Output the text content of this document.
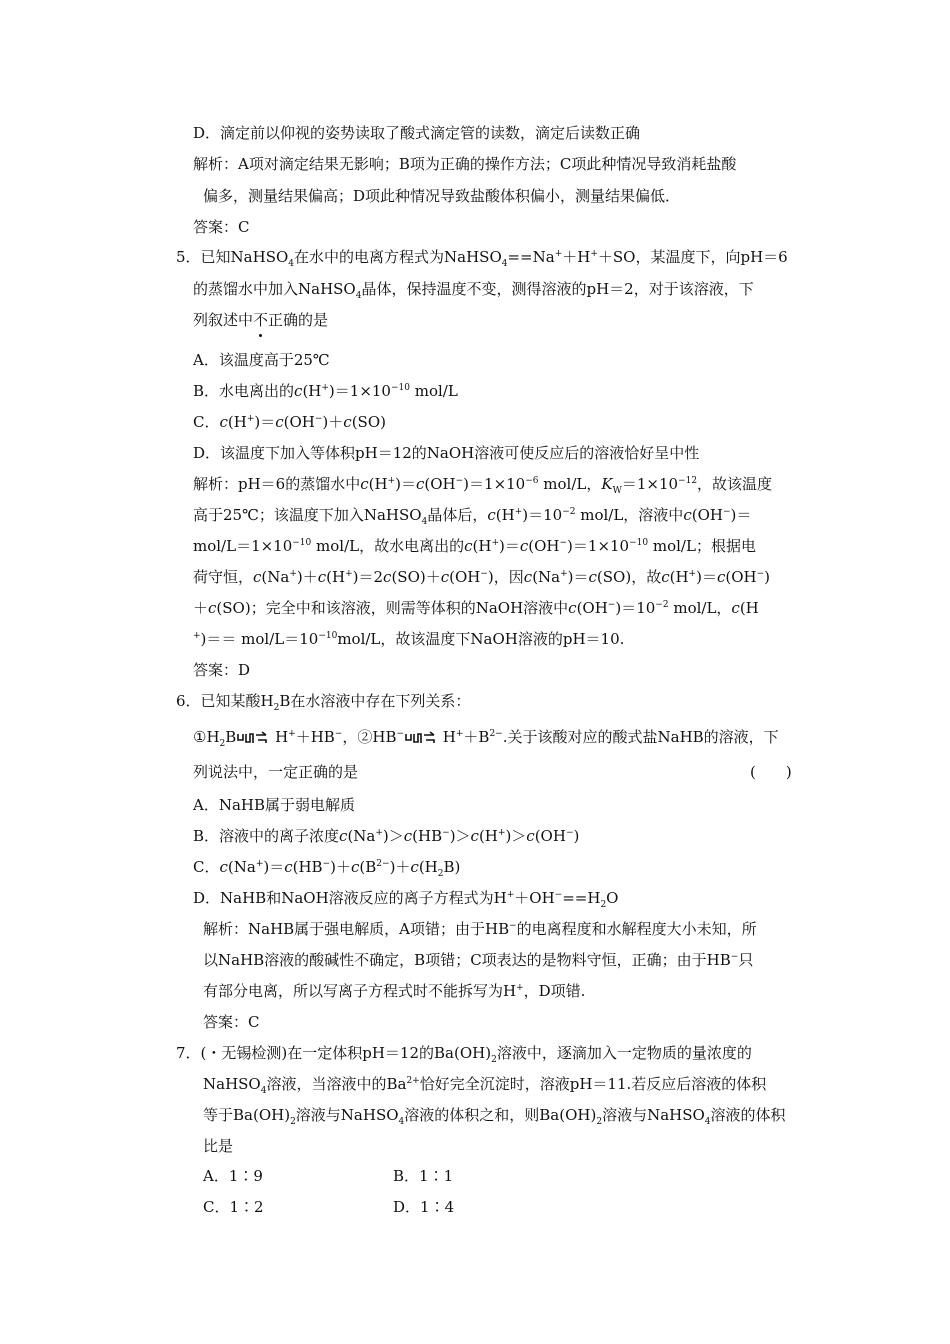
D．滴定前以仰视的姿势读取了酸式滴定管的读数，滴定后读数正确
解析：A项对滴定结果无影响；B项为正确的操作方法；C项此种情况导致消耗盐酸
偏多，测量结果偏高；D项此种情况导致盐酸体积偏小，测量结果偏低．
答案：C
5．已知NaHSO$_4$在水中的电离方程式为NaHSO$_4$==Na+＋H+＋SO，某温度下，向pH＝6
的蒸馏水中加入NaHSO$_4$晶体，保持温度不变，测得溶液的pH＝2，对于该溶液，下
列叙述中不正确的是
A．该温度高于25℃
B．水电离出的$c(H^+)=1\times 10^{-10}$ mol/L
C．c(H+)＝c(OH−)＋c(SO)
D．该温度下加入等体积pH＝12的NaOH溶液可使反应后的溶液恰好呈中性
解析：pH＝6的蒸馏水中$c(H^+)=c(OH^-)=1\times 10^{-6}$ mol/L，$K_W=1\times 10^{-12}$，故该温度
高于25℃；该温度下加入NaHSO$_4$晶体后，$c(H^+)=10^{-2}$ mol/L，溶液中c(OH−)＝
mol/$L=1\times 10^{-10}$ mol/L，故水电离出的$c(H^+)=c(OH^-)=1\times 10^{-10}$ mol/L；根据电
荷守恒，c(Na+)＋c(H+)＝2c(SO)＋c(OH−)，因c(Na+)＝c(SO)，故c(H+)＝c(OH−)
＋c(SO)；完全中和该溶液，则需等体积的NaOH溶液中$c(OH^-)=10^{-2}$ mol/L，c(H
+)＝＝ mol/$L=10^{-10}mol/L$，故该温度下NaOH溶液的pH＝10.
答案：D
6．已知某酸$H_2B$在水溶液中存在下列关系：
$①H_2B\rightleftharpoons$ H+＋HB−，②HB−⇌ $H^++B^{2-}$.关于该酸对应的酸式盐NaHB的溶液，下
列说法中，一定正确的是	(　　)
A．NaHB属于弱电解质
B．溶液中的离子浓度c(Na+)＞c(HB−)＞c(H+)＞c(OH−)
C．$c(Na^+)=c(HB^-)+c(B^{2-})+c(H_2B)$
D．NaHB和NaOH溶液反应的离子方程式为$H^++OH^-==H_2O$
解析：NaHB属于强电解质，A项错；由于HB−的电离程度和水解程度大小未知，所
以NaHB溶液的酸碱性不确定，B项错；C项表达的是物料守恒，正确；由于HB−只
有部分电离，所以写离子方程式时不能拆写为H+，D项错.
答案：C
7．(・无锡检测)在一定体积pH＝12的$Ba(OH)_2$溶液中，逐滴加入一定物质的量浓度的
NaHSO$_4$溶液，当溶液中的$Ba^{2+}$恰好完全沉淀时，溶液pH＝11.若反应后溶液的体积
等于$Ba(OH)_2$溶液与NaHSO$_4$溶液的体积之和，则$Ba(OH)_2$溶液与NaHSO$_4$溶液的体积
比是
A．1∶9	B．1∶1
C．1∶2	D．1∶4
